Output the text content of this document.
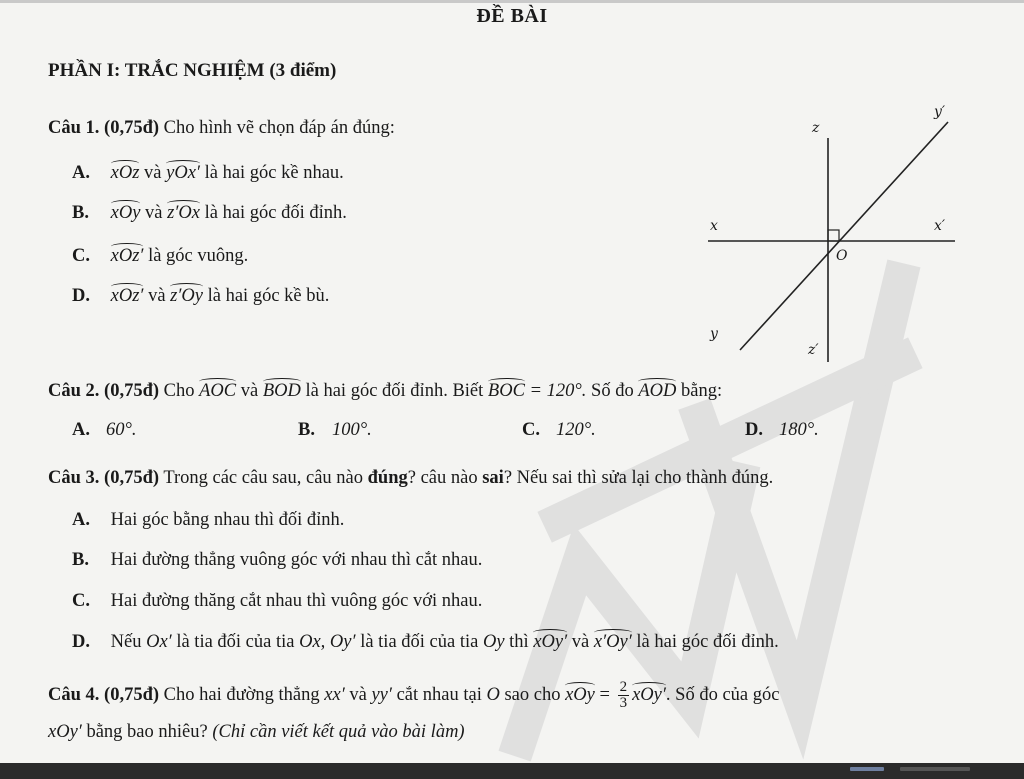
ĐỀ BÀI
PHẦN I: TRẮC NGHIỆM (3 điểm)
Câu 1. (0,75đ) Cho hình vẽ chọn đáp án đúng:
A. xOz và yOx′ là hai góc kề nhau.
B. xOy và z′Ox là hai góc đối đỉnh.
C. xOz′ là góc vuông.
D. xOz′ và z′Oy là hai góc kề bù.
x	x′
y
y′
z
z′
O
Câu 2. (0,75đ) Cho AOC và BOD là hai góc đối đỉnh. Biết BOC = 120°. Số đo AOD bằng:
A. 60°.	B. 100°.	C. 120°.	D. 180°.
Câu 3. (0,75đ) Trong các câu sau, câu nào đúng? câu nào sai? Nếu sai thì sửa lại cho thành đúng.
A. Hai góc bằng nhau thì đối đỉnh.
B. Hai đường thẳng vuông góc với nhau thì cắt nhau.
C. Hai đường thăng cắt nhau thì vuông góc với nhau.
D. Nếu Ox′ là tia đối của tia Ox, Oy′ là tia đối của tia Oy thì xOy′ và x′Oy′ là hai góc đối đỉnh.
Câu 4. (0,75đ) Cho hai đường thẳng xx′ và yy′ cắt nhau tại O sao cho xOy = $\frac{2}{3} xOy'$. Số đo của góc
xOy′ bằng bao nhiêu? (Chỉ cần viết kết quả vào bài làm)
